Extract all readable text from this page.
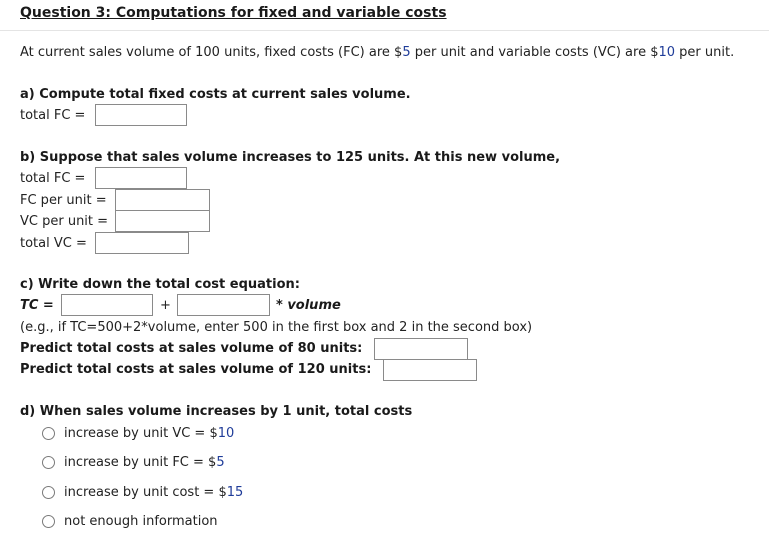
Question 3: Computations for fixed and variable costs
At current sales volume of 100 units, fixed costs (FC) are $5 per unit and variable costs (VC) are $10 per unit.
a) Compute total fixed costs at current sales volume.
total FC =
b) Suppose that sales volume increases to 125 units. At this new volume,
total FC =
FC per unit =
VC per unit =
total VC =
c) Write down the total cost equation:
TC =	+	* volume
(e.g., if TC=500+2*volume, enter 500 in the first box and 2 in the second box)
Predict total costs at sales volume of 80 units:
Predict total costs at sales volume of 120 units:
d) When sales volume increases by 1 unit, total costs
increase by unit VC = $10
increase by unit FC = $5
increase by unit cost = $15
not enough information
